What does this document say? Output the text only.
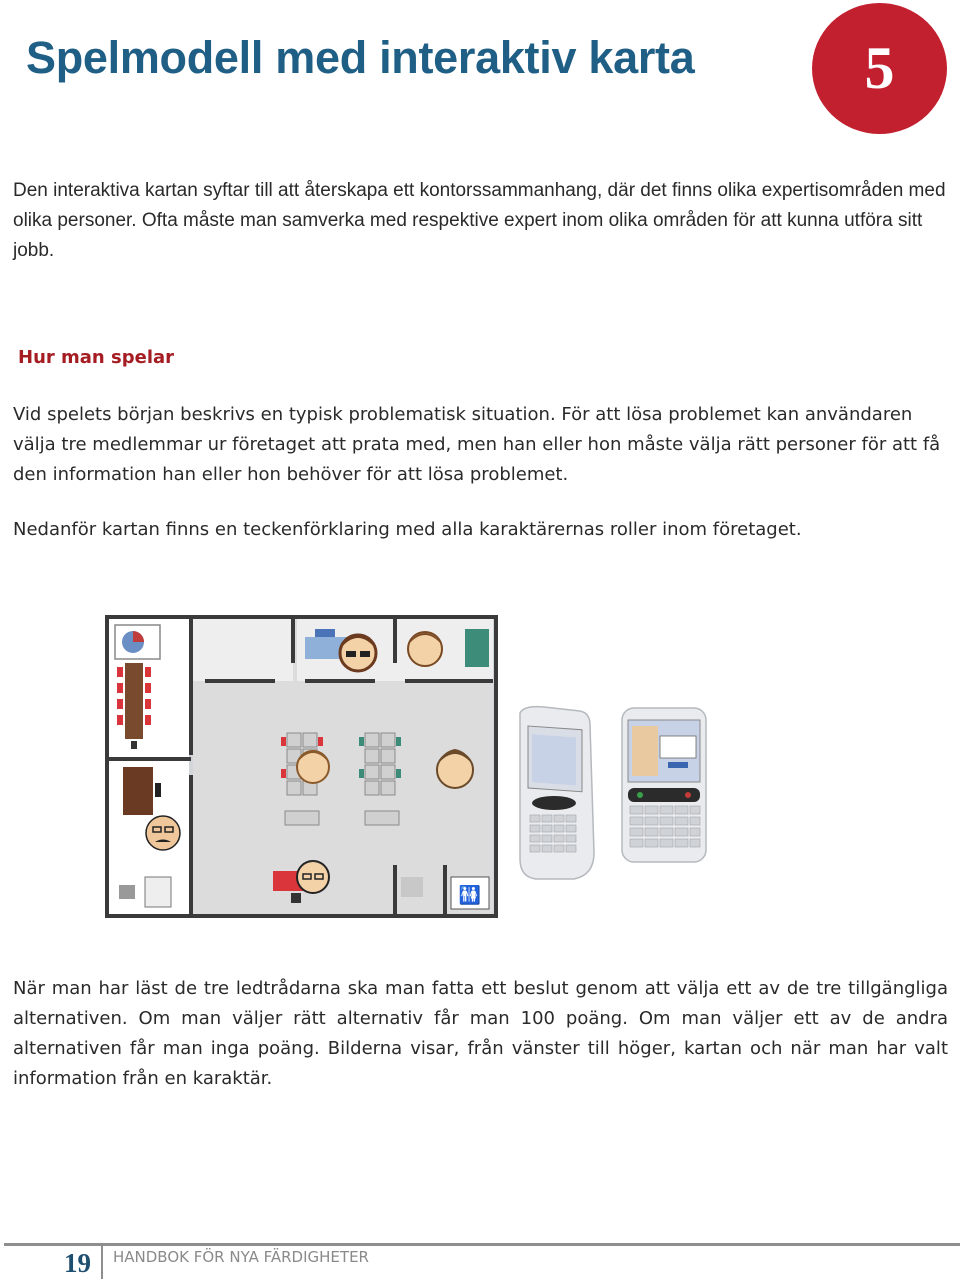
Spelmodell med interaktiv karta	5

Den interaktiva kartan syftar till att återskapa ett kontorssammanhang, där det finns olika expertisområden med olika personer. Ofta måste man samverka med respektive expert inom olika områden för att kunna utföra sitt jobb.

Hur man spelar

Vid spelets början beskrivs en typisk problematisk situation. För att lösa problemet kan användaren välja tre medlemmar ur företaget att prata med, men han eller hon måste välja rätt personer för att få den information han eller hon behöver för att lösa problemet.

Nedanför kartan finns en teckenförklaring med alla karaktärernas roller inom företaget.

🚻

När man har läst de tre ledtrådarna ska man fatta ett beslut genom att välja ett av de tre tillgängliga alternativen. Om man väljer rätt alternativ får man 100 poäng. Om man väljer ett av de andra alternativen får man inga poäng. Bilderna visar, från vänster till höger, kartan och när man har valt information från en karaktär.

19 HANDBOK FÖR NYA FÄRDIGHETER
